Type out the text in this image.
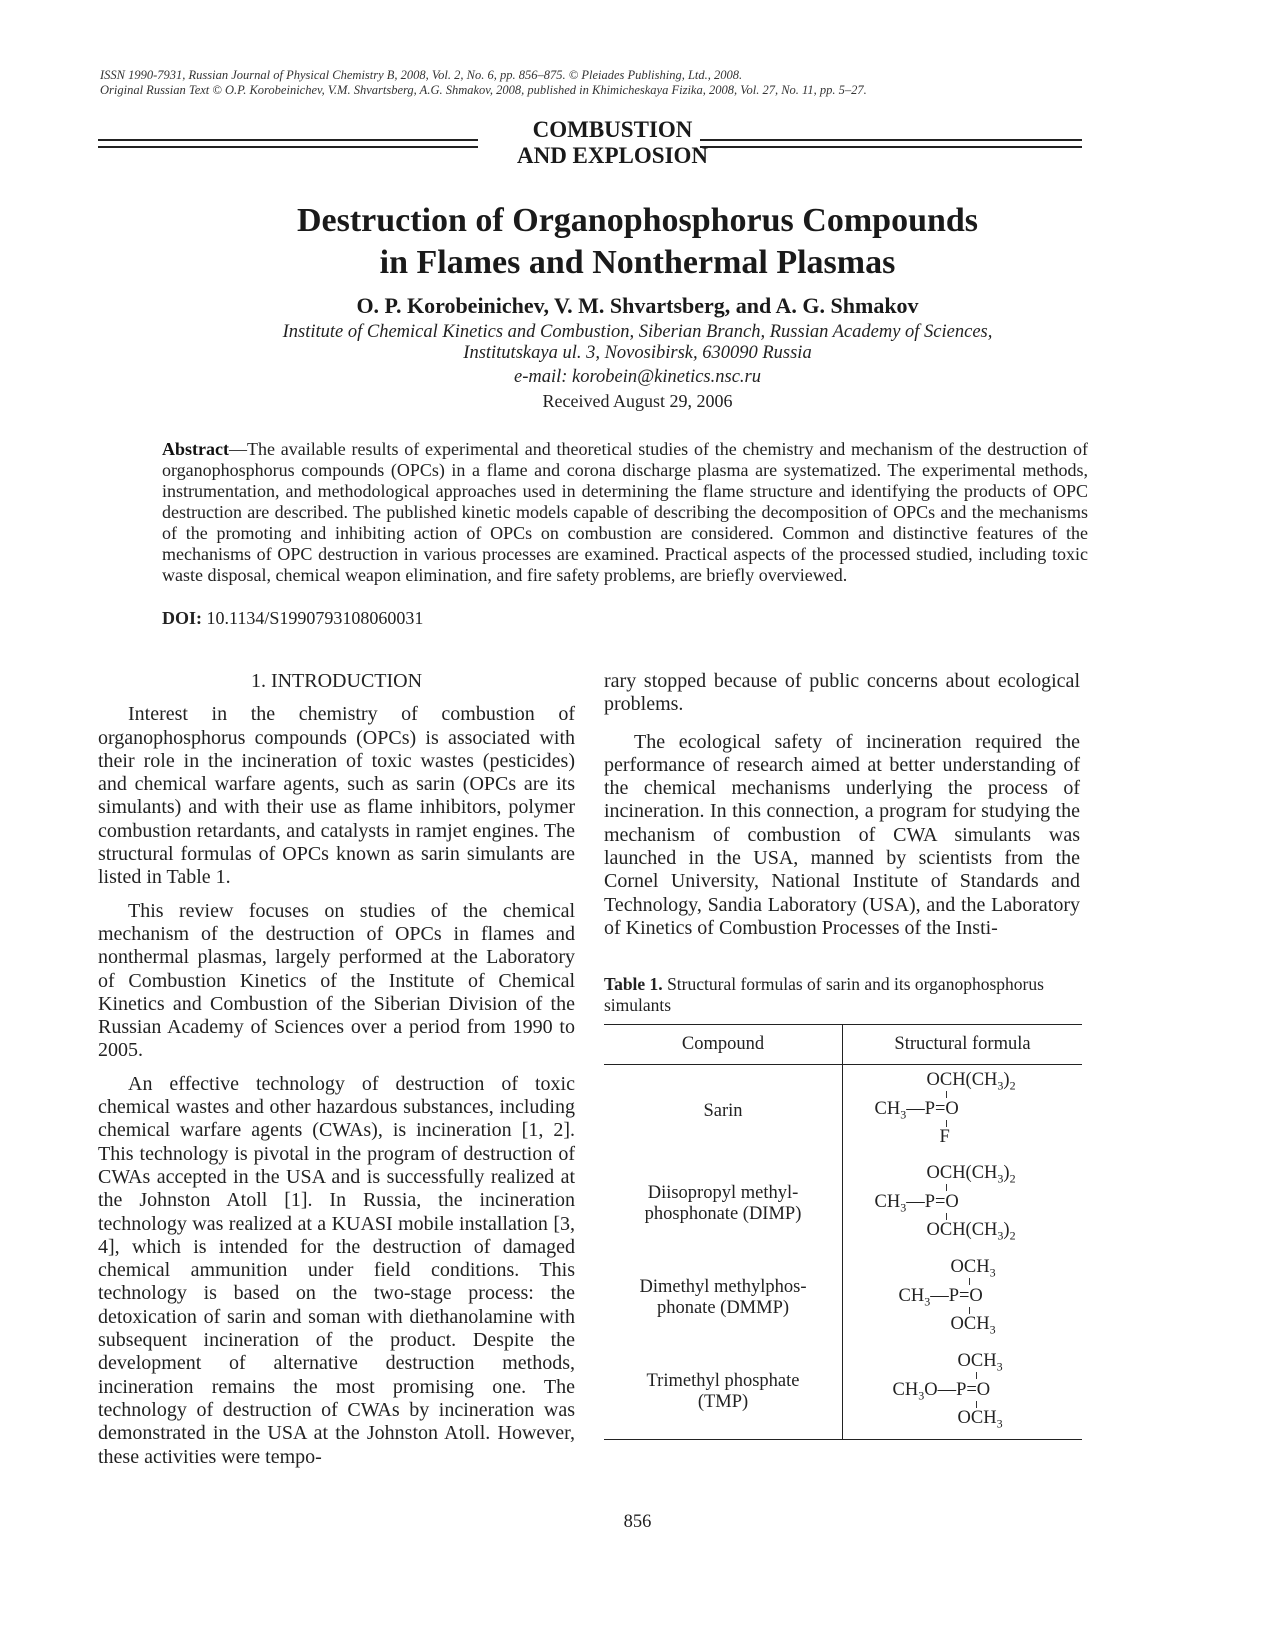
ISSN 1990-7931, Russian Journal of Physical Chemistry B, 2008, Vol. 2, No. 6, pp. 856–875. © Pleiades Publishing, Ltd., 2008.
Original Russian Text © O.P. Korobeinichev, V.M. Shvartsberg, A.G. Shmakov, 2008, published in Khimicheskaya Fizika, 2008, Vol. 27, No. 11, pp. 5–27.
COMBUSTION
AND EXPLOSION
Destruction of Organophosphorus Compounds
in Flames and Nonthermal Plasmas
O. P. Korobeinichev, V. M. Shvartsberg, and A. G. Shmakov
Institute of Chemical Kinetics and Combustion, Siberian Branch, Russian Academy of Sciences,
Institutskaya ul. 3, Novosibirsk, 630090 Russia
e-mail: korobein@kinetics.nsc.ru
Received August 29, 2006
Abstract—The available results of experimental and theoretical studies of the chemistry and mechanism of the destruction of organophosphorus compounds (OPCs) in a flame and corona discharge plasma are systematized. The experimental methods, instrumentation, and methodological approaches used in determining the flame structure and identifying the products of OPC destruction are described. The published kinetic models capable of describing the decomposition of OPCs and the mechanisms of the promoting and inhibiting action of OPCs on combustion are considered. Common and distinctive features of the mechanisms of OPC destruction in various processes are examined. Practical aspects of the processed studied, including toxic waste disposal, chemical weapon elimination, and fire safety problems, are briefly overviewed.
DOI: 10.1134/S1990793108060031
1. INTRODUCTION

Interest in the chemistry of combustion of organophosphorus compounds (OPCs) is associated with their role in the incineration of toxic wastes (pesticides) and chemical warfare agents, such as sarin (OPCs are its simulants) and with their use as flame inhibitors, polymer combustion retardants, and catalysts in ramjet engines. The structural formulas of OPCs known as sarin simulants are listed in Table 1.

This review focuses on studies of the chemical mechanism of the destruction of OPCs in flames and nonthermal plasmas, largely performed at the Laboratory of Combustion Kinetics of the Institute of Chemical Kinetics and Combustion of the Siberian Division of the Russian Academy of Sciences over a period from 1990 to 2005.

An effective technology of destruction of toxic chemical wastes and other hazardous substances, including chemical warfare agents (CWAs), is incineration [1, 2]. This technology is pivotal in the program of destruction of CWAs accepted in the USA and is successfully realized at the Johnston Atoll [1]. In Russia, the incineration technology was realized at a KUASI mobile installation [3, 4], which is intended for the destruction of damaged chemical ammunition under field conditions. This technology is based on the two-stage process: the detoxication of sarin and soman with diethanolamine with subsequent incineration of the product. Despite the development of alternative destruction methods, incineration remains the most promising one. The technology of destruction of CWAs by incineration was demonstrated in the USA at the Johnston Atoll. However, these activities were tempo-

rary stopped because of public concerns about ecological problems.

The ecological safety of incineration required the performance of research aimed at better understanding of the chemical mechanisms underlying the process of incineration. In this connection, a program for studying the mechanism of combustion of CWA simulants was launched in the USA, manned by scientists from the Cornel University, National Institute of Standards and Technology, Sandia Laboratory (USA), and the Laboratory of Kinetics of Combustion Processes of the Insti-

Table 1. Structural formulas of sarin and its organophosphorus simulants
Compound	Structural formula

Sarin	$OCH(CH_3)_2$
$CH_3—P=O$
F

Diisopropyl methyl-phosphonate (DIMP)	$OCH(CH_3)_2$
$CH_3—P=O$
$OCH(CH_3)_2$

Dimethyl methylphos-phonate (DMMP)	$OCH_3$
$CH_3—P=O$
$OCH_3$

Trimethyl phosphate (TMP)	$OCH_3$
$CH_3O—P=O$
$OCH_3$
856
